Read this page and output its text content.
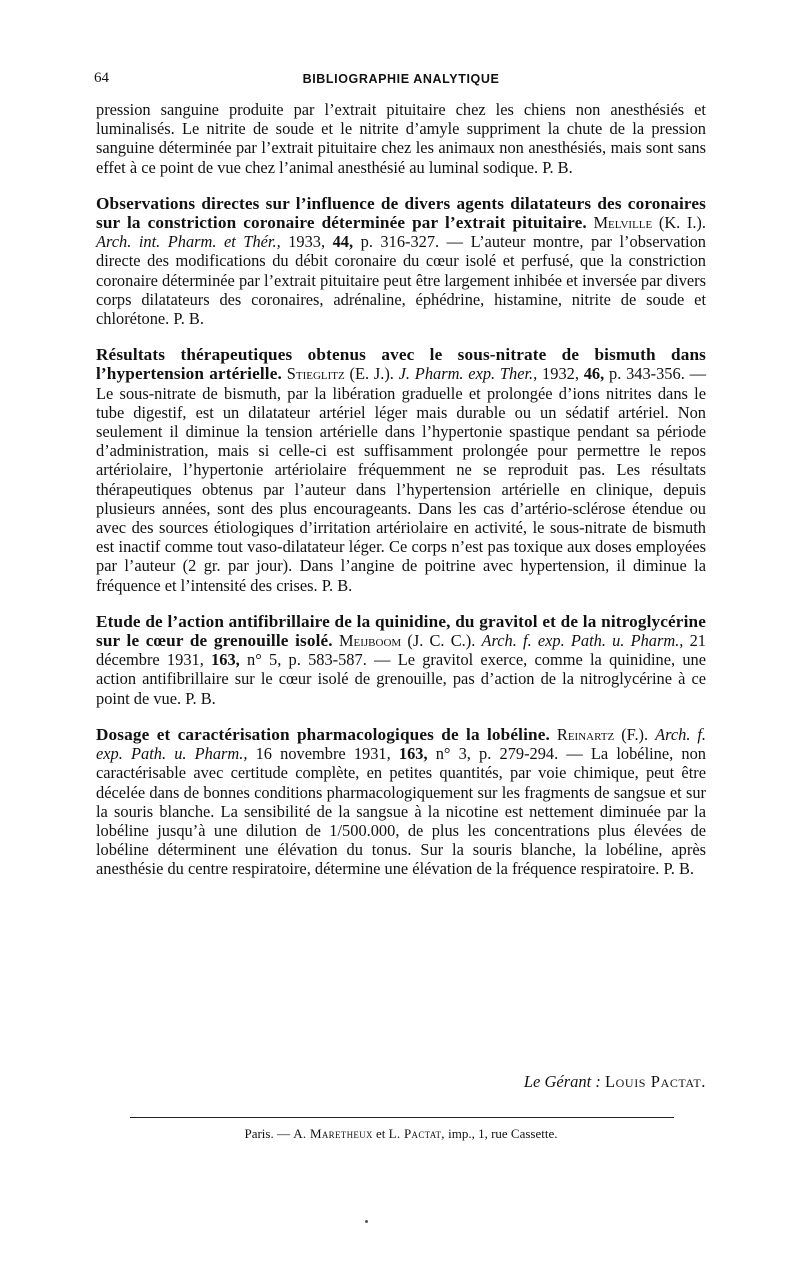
64	BIBLIOGRAPHIE ANALYTIQUE

pression sanguine produite par l’extrait pituitaire chez les chiens non anesthésiés et luminalisés. Le nitrite de soude et le nitrite d’amyle suppriment la chute de la pression sanguine déterminée par l’extrait pituitaire chez les animaux non anesthésiés, mais sont sans effet à ce point de vue chez l’animal anesthésié au luminal sodique. P. B.

Observations directes sur l’influence de divers agents dilatateurs des coronaires sur la constriction coronaire déterminée par l’extrait pituitaire. Melville (K. I.). Arch. int. Pharm. et Thér., 1933, 44, p. 316-327. — L’auteur montre, par l’observation directe des modifications du débit coronaire du cœur isolé et perfusé, que la constriction coronaire déterminée par l’extrait pituitaire peut être largement inhibée et inversée par divers corps dilatateurs des coronaires, adrénaline, éphédrine, histamine, nitrite de soude et chlorétone. P. B.

Résultats thérapeutiques obtenus avec le sous-nitrate de bismuth dans l’hypertension artérielle. Stieglitz (E. J.). J. Pharm. exp. Ther., 1932, 46, p. 343-356. — Le sous-nitrate de bismuth, par la libération graduelle et prolongée d’ions nitrites dans le tube digestif, est un dilatateur artériel léger mais durable ou un sédatif artériel. Non seulement il diminue la tension artérielle dans l’hypertonie spastique pendant sa période d’administration, mais si celle-ci est suffisamment prolongée pour permettre le repos artériolaire, l’hypertonie artériolaire fréquemment ne se reproduit pas. Les résultats thérapeutiques obtenus par l’auteur dans l’hypertension artérielle en clinique, depuis plusieurs années, sont des plus encourageants. Dans les cas d’artério-sclérose étendue ou avec des sources étiologiques d’irritation artériolaire en activité, le sous-nitrate de bismuth est inactif comme tout vaso-dilatateur léger. Ce corps n’est pas toxique aux doses employées par l’auteur (2 gr. par jour). Dans l’angine de poitrine avec hypertension, il diminue la fréquence et l’intensité des crises. P. B.

Etude de l’action antifibrillaire de la quinidine, du gravitol et de la nitroglycérine sur le cœur de grenouille isolé. Meijboom (J. C. C.). Arch. f. exp. Path. u. Pharm., 21 décembre 1931, 163, n° 5, p. 583-587. — Le gravitol exerce, comme la quinidine, une action antifibrillaire sur le cœur isolé de grenouille, pas d’action de la nitroglycérine à ce point de vue. P. B.

Dosage et caractérisation pharmacologiques de la lobéline. Reinartz (F.). Arch. f. exp. Path. u. Pharm., 16 novembre 1931, 163, n° 3, p. 279-294. — La lobéline, non caractérisable avec certitude complète, en petites quantités, par voie chimique, peut être décelée dans de bonnes conditions pharmacologiquement sur les fragments de sangsue et sur la souris blanche. La sensibilité de la sangsue à la nicotine est nettement diminuée par la lobéline jusqu’à une dilution de 1/500.000, de plus les concentrations plus élevées de lobéline déterminent une élévation du tonus. Sur la souris blanche, la lobéline, après anesthésie du centre respiratoire, détermine une élévation de la fréquence respiratoire. P. B.

Le Gérant : Louis Pactat.
Paris. — A. Maretheux et L. Pactat, imp., 1, rue Cassette.
